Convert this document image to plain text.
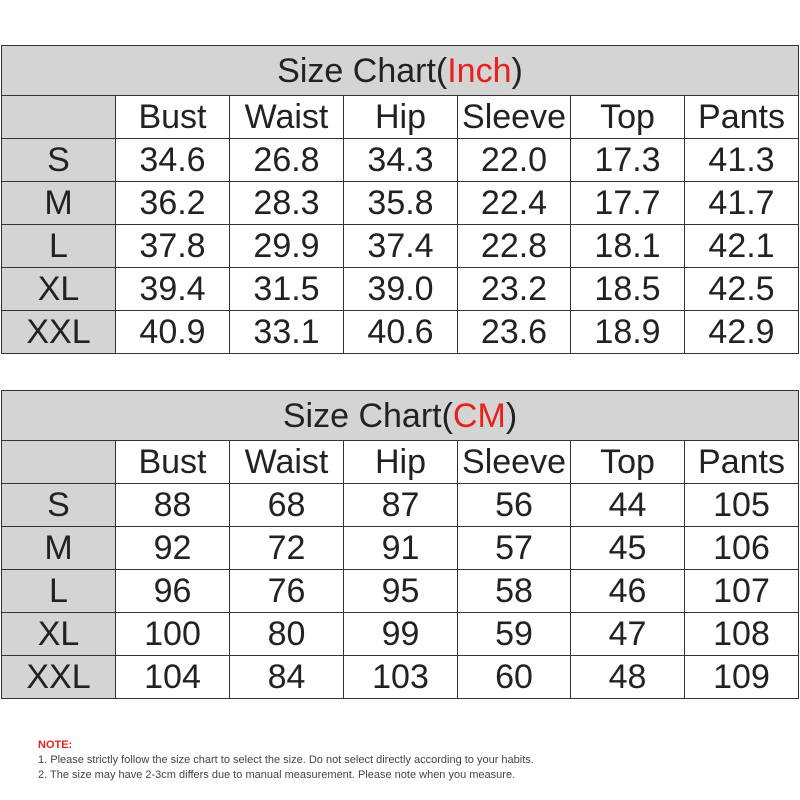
Size Chart(Inch)						
	Bust	Waist	Hip	Sleeve	Top	Pants
S	34.6	26.8	34.3	22.0	17.3	41.3
M	36.2	28.3	35.8	22.4	17.7	41.7
L	37.8	29.9	37.4	22.8	18.1	42.1
XL	39.4	31.5	39.0	23.2	18.5	42.5
XXL	40.9	33.1	40.6	23.6	18.9	42.9
Size Chart(CM)						
	Bust	Waist	Hip	Sleeve	Top	Pants
S	88	68	87	56	44	105
M	92	72	91	57	45	106
L	96	76	95	58	46	107
XL	100	80	99	59	47	108
XXL	104	84	103	60	48	109
NOTE:
1. Please strictly follow the size chart to select the size. Do not select directly according to your habits.
2. The size may have 2-3cm differs due to manual measurement. Please note when you measure.
